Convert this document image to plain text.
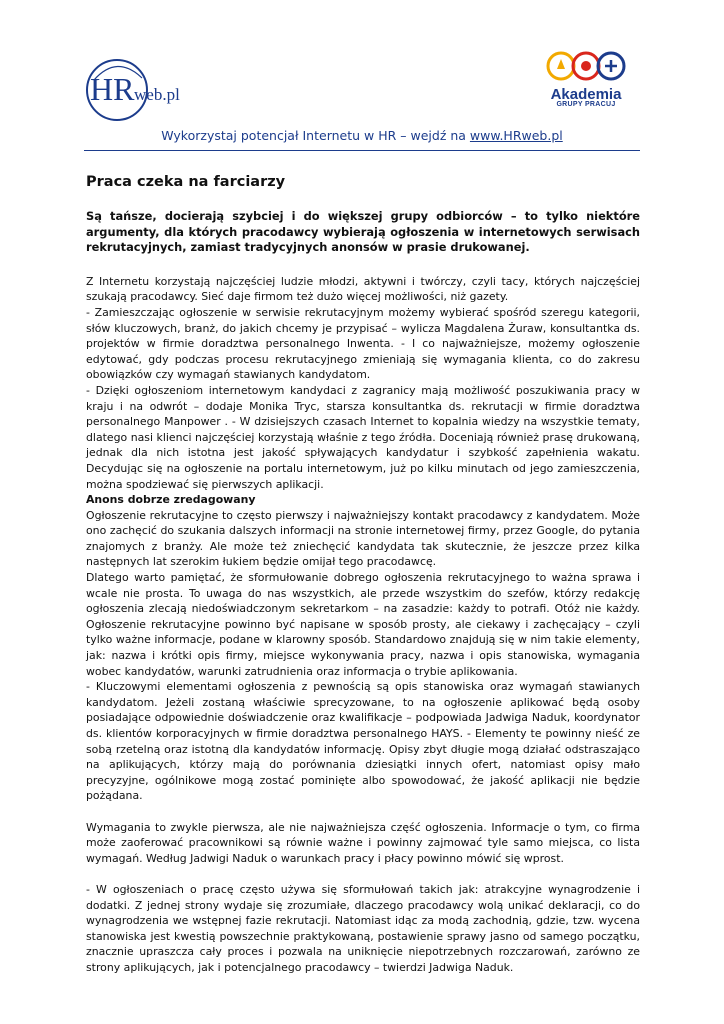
HR web.pl	Akademia
GRUPY PRACUJ
Wykorzystaj potencjał Internetu w HR – wejdź na www.HRweb.pl
Praca czeka na farciarzy

Są tańsze, docierają szybciej i do większej grupy odbiorców – to tylko niektóre argumenty, dla których pracodawcy wybierają ogłoszenia w internetowych serwisach rekrutacyjnych, zamiast tradycyjnych anonsów w prasie drukowanej.

Z Internetu korzystają najczęściej ludzie młodzi, aktywni i twórczy, czyli tacy, których najczęściej szukają pracodawcy. Sieć daje firmom też dużo więcej możliwości, niż gazety.

- Zamieszczając ogłoszenie w serwisie rekrutacyjnym możemy wybierać spośród szeregu kategorii, słów kluczowych, branż, do jakich chcemy je przypisać – wylicza Magdalena Żuraw, konsultantka ds. projektów w firmie doradztwa personalnego Inwenta. - I co najważniejsze, możemy ogłoszenie edytować, gdy podczas procesu rekrutacyjnego zmieniają się wymagania klienta, co do zakresu obowiązków czy wymagań stawianych kandydatom.

- Dzięki ogłoszeniom internetowym kandydaci z zagranicy mają możliwość poszukiwania pracy w kraju i na odwrót – dodaje Monika Tryc, starsza konsultantka ds. rekrutacji w firmie doradztwa personalnego Manpower . - W dzisiejszych czasach Internet to kopalnia wiedzy na wszystkie tematy, dlatego nasi klienci najczęściej korzystają właśnie z tego źródła. Doceniają również prasę drukowaną, jednak dla nich istotna jest jakość spływających kandydatur i szybkość zapełnienia wakatu. Decydując się na ogłoszenie na portalu internetowym, już po kilku minutach od jego zamieszczenia, można spodziewać się pierwszych aplikacji.

Anons dobrze zredagowany

Ogłoszenie rekrutacyjne to często pierwszy i najważniejszy kontakt pracodawcy z kandydatem. Może ono zachęcić do szukania dalszych informacji na stronie internetowej firmy, przez Google, do pytania znajomych z branży. Ale może też zniechęcić kandydata tak skutecznie, że jeszcze przez kilka następnych lat szerokim łukiem będzie omijał tego pracodawcę.

Dlatego warto pamiętać, że sformułowanie dobrego ogłoszenia rekrutacyjnego to ważna sprawa i wcale nie prosta. To uwaga do nas wszystkich, ale przede wszystkim do szefów, którzy redakcję ogłoszenia zlecają niedoświadczonym sekretarkom – na zasadzie: każdy to potrafi. Otóż nie każdy. Ogłoszenie rekrutacyjne powinno być napisane w sposób prosty, ale ciekawy i zachęcający – czyli tylko ważne informacje, podane w klarowny sposób. Standardowo znajdują się w nim takie elementy, jak: nazwa i krótki opis firmy, miejsce wykonywania pracy, nazwa i opis stanowiska, wymagania wobec kandydatów, warunki zatrudnienia oraz informacja o trybie aplikowania.

- Kluczowymi elementami ogłoszenia z pewnością są opis stanowiska oraz wymagań stawianych kandydatom. Jeżeli zostaną właściwie sprecyzowane, to na ogłoszenie aplikować będą osoby posiadające odpowiednie doświadczenie oraz kwalifikacje – podpowiada Jadwiga Naduk, koordynator ds. klientów korporacyjnych w firmie doradztwa personalnego HAYS. - Elementy te powinny nieść ze sobą rzetelną oraz istotną dla kandydatów informację. Opisy zbyt długie mogą działać odstraszająco na aplikujących, którzy mają do porównania dziesiątki innych ofert, natomiast opisy mało precyzyjne, ogólnikowe mogą zostać pominięte albo spowodować, że jakość aplikacji nie będzie pożądana.

Wymagania to zwykle pierwsza, ale nie najważniejsza część ogłoszenia. Informacje o tym, co firma może zaoferować pracownikowi są równie ważne i powinny zajmować tyle samo miejsca, co lista wymagań. Według Jadwigi Naduk o warunkach pracy i płacy powinno mówić się wprost.

- W ogłoszeniach o pracę często używa się sformułowań takich jak: atrakcyjne wynagrodzenie i dodatki. Z jednej strony wydaje się zrozumiałe, dlaczego pracodawcy wolą unikać deklaracji, co do wynagrodzenia we wstępnej fazie rekrutacji. Natomiast idąc za modą zachodnią, gdzie, tzw. wycena stanowiska jest kwestią powszechnie praktykowaną, postawienie sprawy jasno od samego początku, znacznie upraszcza cały proces i pozwala na uniknięcie niepotrzebnych rozczarowań, zarówno ze strony aplikujących, jak i potencjalnego pracodawcy – twierdzi Jadwiga Naduk.
